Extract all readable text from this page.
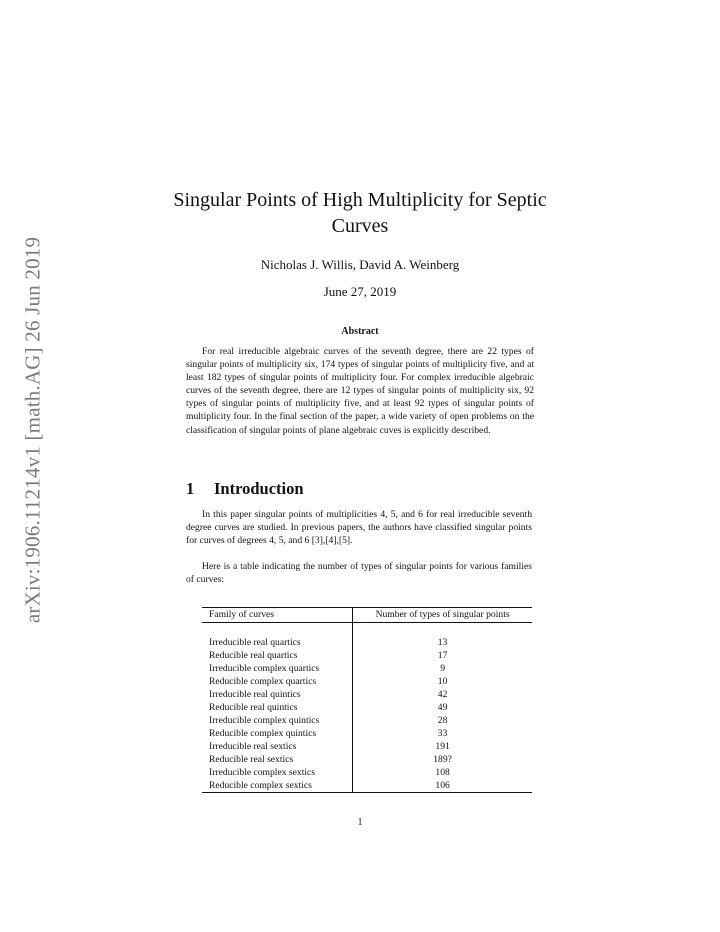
arXiv:1906.11214v1 [math.AG] 26 Jun 2019
Singular Points of High Multiplicity for Septic Curves
Nicholas J. Willis, David A. Weinberg
June 27, 2019
Abstract

For real irreducible algebraic curves of the seventh degree, there are 22 types of singular points of multiplicity six, 174 types of singular points of multiplicity five, and at least 182 types of singular points of multiplicity four. For complex irreducible algebraic curves of the seventh degree, there are 12 types of singular points of multiplicity six, 92 types of singular points of multiplicity five, and at least 92 types of singular points of multiplicity four. In the final section of the paper, a wide variety of open problems on the classification of singular points of plane algebraic cuves is explicitly described.

1 Introduction

In this paper singular points of multiplicities 4, 5, and 6 for real irreducible seventh degree curves are studied. In previous papers, the authors have classified singular points for curves of degrees 4, 5, and 6 [3],[4],[5].

Here is a table indicating the number of types of singular points for various families of curves:

Family of curves	Number of types of singular points

Irreducible real quartics	13
Reducible real quartics	17
Irreducible complex quartics	9
Reducible complex quartics	10
Irreducible real quintics	42
Reducible real quintics	49
Irreducible complex quintics	28
Reducible complex quintics	33
Irreducible real sextics	191
Reducible real sextics	189?
Irreducible complex sextics	108
Reducible complex sextics	106
1
